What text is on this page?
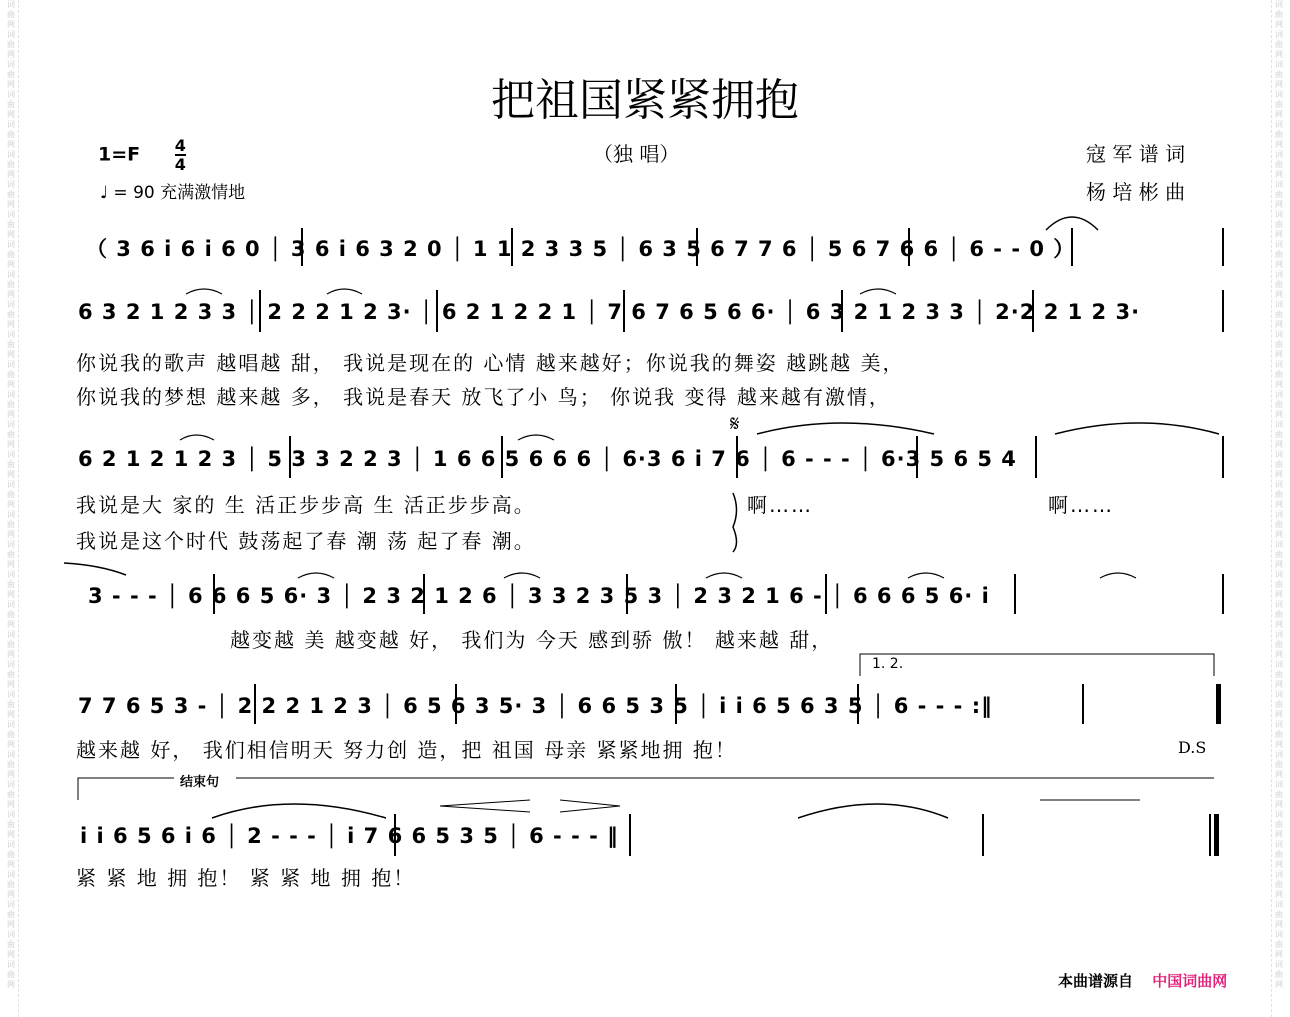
词曲网词曲网词曲网词曲网词曲网词曲网词曲网词曲网词曲网词曲网词曲网词曲网词曲网词曲网词曲网词曲网词曲网词曲网词曲网词曲网词曲网词曲网词曲网词曲网词曲网词曲网词曲网词曲网词曲网词曲网词曲网词曲网词曲网
词曲网词曲网词曲网词曲网词曲网词曲网词曲网词曲网词曲网词曲网词曲网词曲网词曲网词曲网词曲网词曲网词曲网词曲网词曲网词曲网词曲网词曲网词曲网词曲网词曲网词曲网词曲网词曲网词曲网词曲网词曲网词曲网词曲网
把祖国紧紧拥抱
$1=F \frac{4}{4}$
♩ = 90 充满激情地
（独 唱）	寇 军 谱 词
杨 培 彬 曲
（ 3 6 i 6 i 6 0 │ 3 6 i 6 3 2 0 │ 1 1 2 3 3 5 │ 6 3 5 6 7 7 6 │ 5 6 7 6 6 │ 6 - - 0 ）
6 3 2 1 2 3 3 │ 2 2 2 1 2 3· │ 6 2 1 2 2 1 │ 7 6 7 6 5 6 6· │ 6 3 2 1 2 3 3 │ 2·2 2 1 2 3·
你说我的歌声 越唱越 甜， 我说是现在的 心情 越来越好；你说我的舞姿 越跳越 美，
你说我的梦想 越来越 多， 我说是春天 放飞了小 鸟； 你说我 变得 越来越有激情，
𝄋
6 2 1 2 1 2 3 │ 5 3 3 2 2 3 │ 1 6 6 5 6 6 6 │ 6·3 6 i 7 6 │ 6 - - - │ 6·3 5 6 5 4
我说是大 家的 生 活正步步高 生 活正步步高。
我说是这个时代 鼓荡起了春 潮 荡 起了春 潮。
啊……	啊……
3 - - - │ 6 6 6 5 6· 3 │ 2 3 2 1 2 6 │ 3 3 2 3 5 3 │ 2 3 2 1 6 - │ 6 6 6 5 6· i
越变越 美 越变越 好， 我们为 今天 感到骄 傲！ 越来越 甜，
1. 2.
7 7 6 5 3 - │ 2 2 2 1 2 3 │ 6 5 6 3 5· 3 │ 6 6 5 3 5 │ i i 6 5 6 3 5 │ 6 - - - :‖
越来越 好， 我们相信明天 努力创 造，把 祖国 母亲 紧紧地拥 抱！	D.S
结束句
i i 6 5 6 i 6 │ 2 - - - │ i 7 6 6 5 3 5 │ 6 - - - ‖
紧 紧 地 拥 抱！ 紧 紧 地 拥 抱！
本曲谱源自 中国词曲网
